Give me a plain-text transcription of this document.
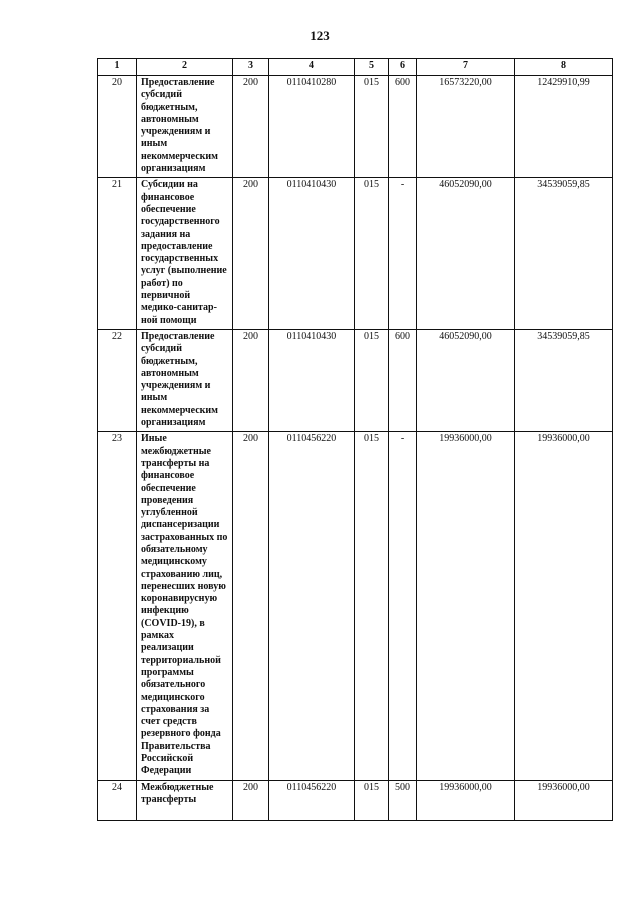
123
1	2	3	4	5	6	7	8
20	Предоставление субсидий бюджетным, автономным учреждениям и иным некоммерческим организациям	200	0110410280	015	600	16573220,00	12429910,99
21	Субсидии на финансовое обеспечение государственного задания на предоставление государственных услуг (выполнение работ) по первичной медико-санитар-ной помощи	200	0110410430	015	-	46052090,00	34539059,85
22	Предоставление субсидий бюджетным, автономным учреждениям и иным некоммерческим организациям	200	0110410430	015	600	46052090,00	34539059,85
23	Иные межбюджетные трансферты на финансовое обеспечение проведения углубленной диспансеризации застрахованных по обязательному медицинскому страхованию лиц, перенесших новую коронавирусную инфекцию (COVID-19), в рамках реализации территориальной программы обязательного медицинского страхования за счет средств резервного фонда Правительства Российской Федерации	200	0110456220	015	-	19936000,00	19936000,00
24	Межбюджетные трансферты	200	0110456220	015	500	19936000,00	19936000,00
